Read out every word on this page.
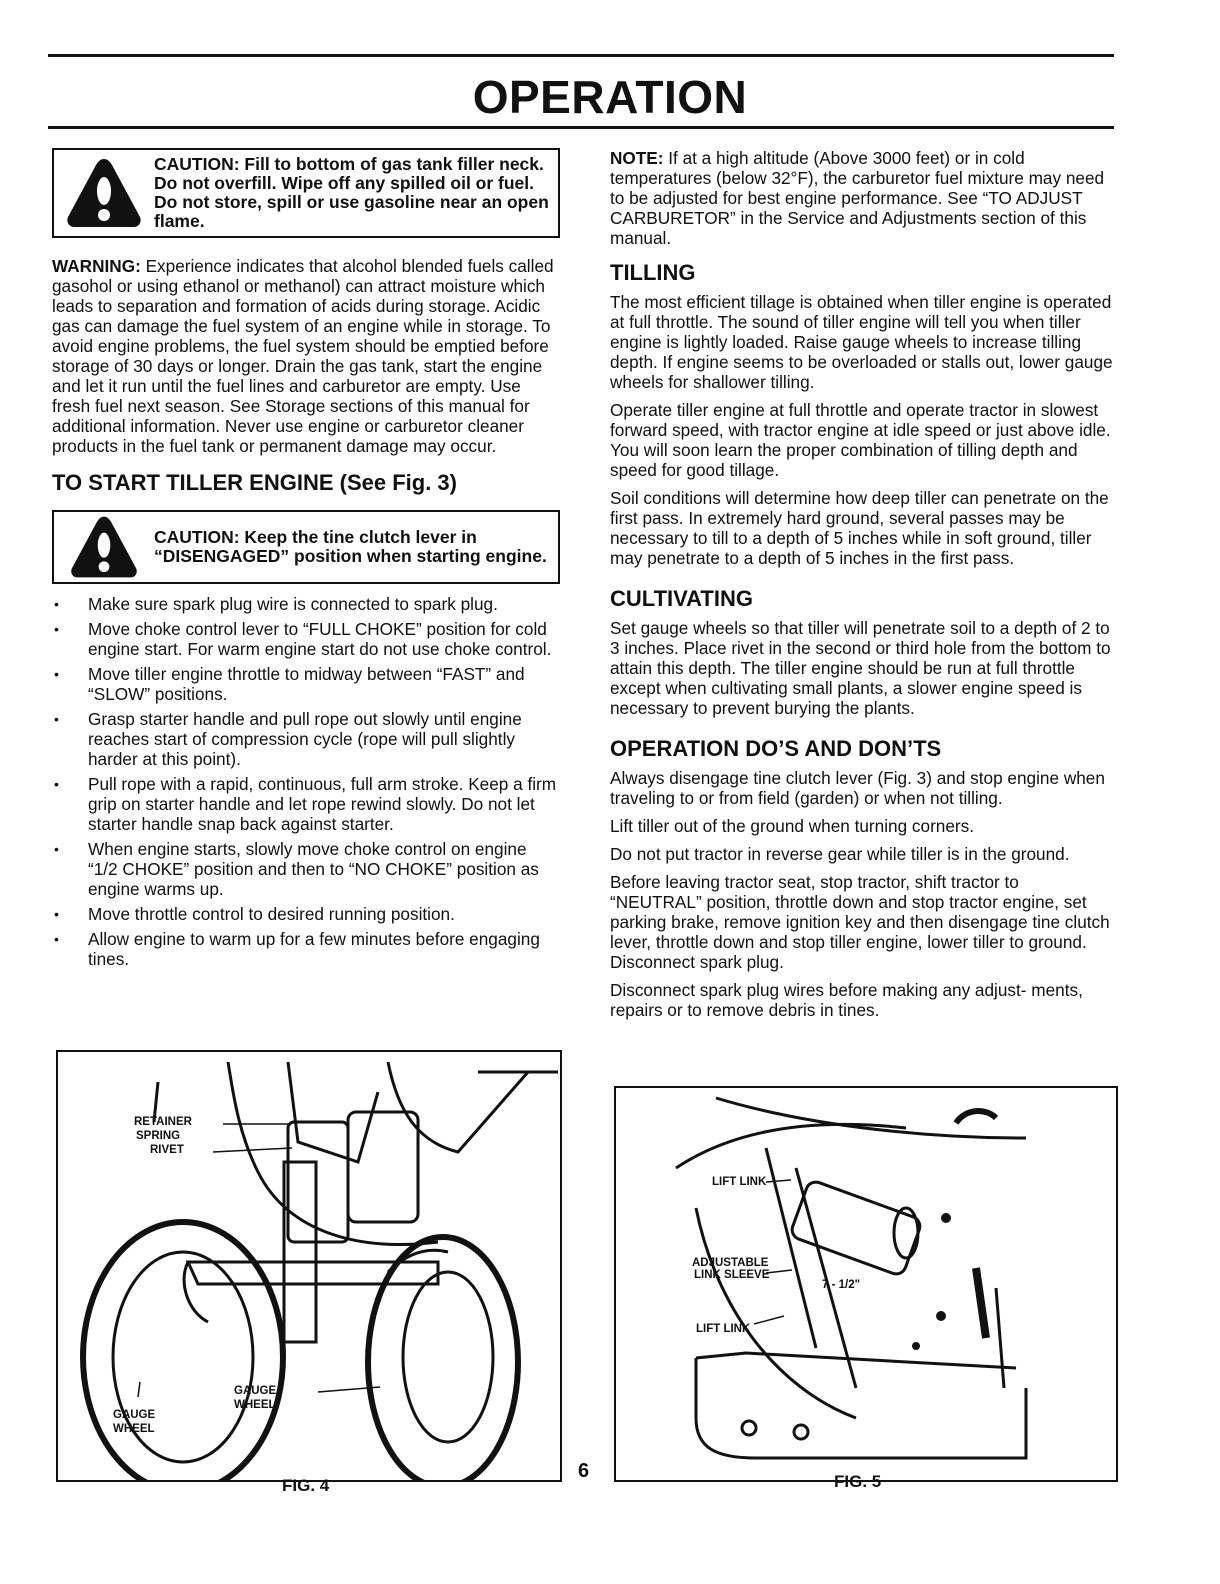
OPERATION
CAUTION: Fill to bottom of gas tank filler neck. Do not overfill. Wipe off any spilled oil or fuel. Do not store, spill or use gasoline near an open flame.

WARNING: Experience indicates that alcohol blended fuels called gasohol or using ethanol or methanol) can attract moisture which leads to separation and formation of acids during storage. Acidic gas can damage the fuel system of an engine while in storage. To avoid engine problems, the fuel system should be emptied before storage of 30 days or longer. Drain the gas tank, start the engine and let it run until the fuel lines and carburetor are empty. Use fresh fuel next season. See Storage sections of this manual for additional information. Never use engine or carburetor cleaner products in the fuel tank or permanent damage may occur.

TO START TILLER ENGINE (See Fig. 3)
CAUTION: Keep the tine clutch lever in “DISENGAGED” position when starting engine.
• Make sure spark plug wire is connected to spark plug.
• Move choke control lever to “FULL CHOKE” position for cold engine start. For warm engine start do not use choke control.
• Move tiller engine throttle to midway between “FAST” and “SLOW” positions.
• Grasp starter handle and pull rope out slowly until engine reaches start of compression cycle (rope will pull slightly harder at this point).
• Pull rope with a rapid, continuous, full arm stroke. Keep a firm grip on starter handle and let rope rewind slowly. Do not let starter handle snap back against starter.
• When engine starts, slowly move choke control on engine “1/2 CHOKE” position and then to “NO CHOKE” position as engine warms up.
• Move throttle control to desired running position.
• Allow engine to warm up for a few minutes before engaging tines.

NOTE: If at a high altitude (Above 3000 feet) or in cold temperatures (below 32°F), the carburetor fuel mixture may need to be adjusted for best engine performance. See “TO ADJUST CARBURETOR” in the Service and Adjustments section of this manual.

TILLING

The most efficient tillage is obtained when tiller engine is operated at full throttle. The sound of tiller engine will tell you when tiller engine is lightly loaded. Raise gauge wheels to increase tilling depth. If engine seems to be overloaded or stalls out, lower gauge wheels for shallower tilling.

Operate tiller engine at full throttle and operate tractor in slowest forward speed, with tractor engine at idle speed or just above idle. You will soon learn the proper combination of tilling depth and speed for good tillage.

Soil conditions will determine how deep tiller can penetrate on the first pass. In extremely hard ground, several passes may be necessary to till to a depth of 5 inches while in soft ground, tiller may penetrate to a depth of 5 inches in the first pass.

CULTIVATING

Set gauge wheels so that tiller will penetrate soil to a depth of 2 to 3 inches. Place rivet in the second or third hole from the bottom to attain this depth. The tiller engine should be run at full throttle except when cultivating small plants, a slower engine speed is necessary to prevent burying the plants.

OPERATION DO’S AND DON’TS

Always disengage tine clutch lever (Fig. 3) and stop engine when traveling to or from field (garden) or when not tilling.

Lift tiller out of the ground when turning corners.

Do not put tractor in reverse gear while tiller is in the ground.

Before leaving tractor seat, stop tractor, shift tractor to “NEUTRAL” position, throttle down and stop tractor engine, set parking brake, remove ignition key and then disengage tine clutch lever, throttle down and stop tiller engine, lower tiller to ground. Disconnect spark plug.

Disconnect spark plug wires before making any adjust- ments, repairs or to remove debris in tines.

RETAINER
SPRING
RIVET
GAUGE
WHEEL
GAUGE
WHEEL
FIG. 4
LIFT LINK
ADJUSTABLE
LINK SLEEVE
7 - 1/2"
LIFT LINK
FIG. 5
6
